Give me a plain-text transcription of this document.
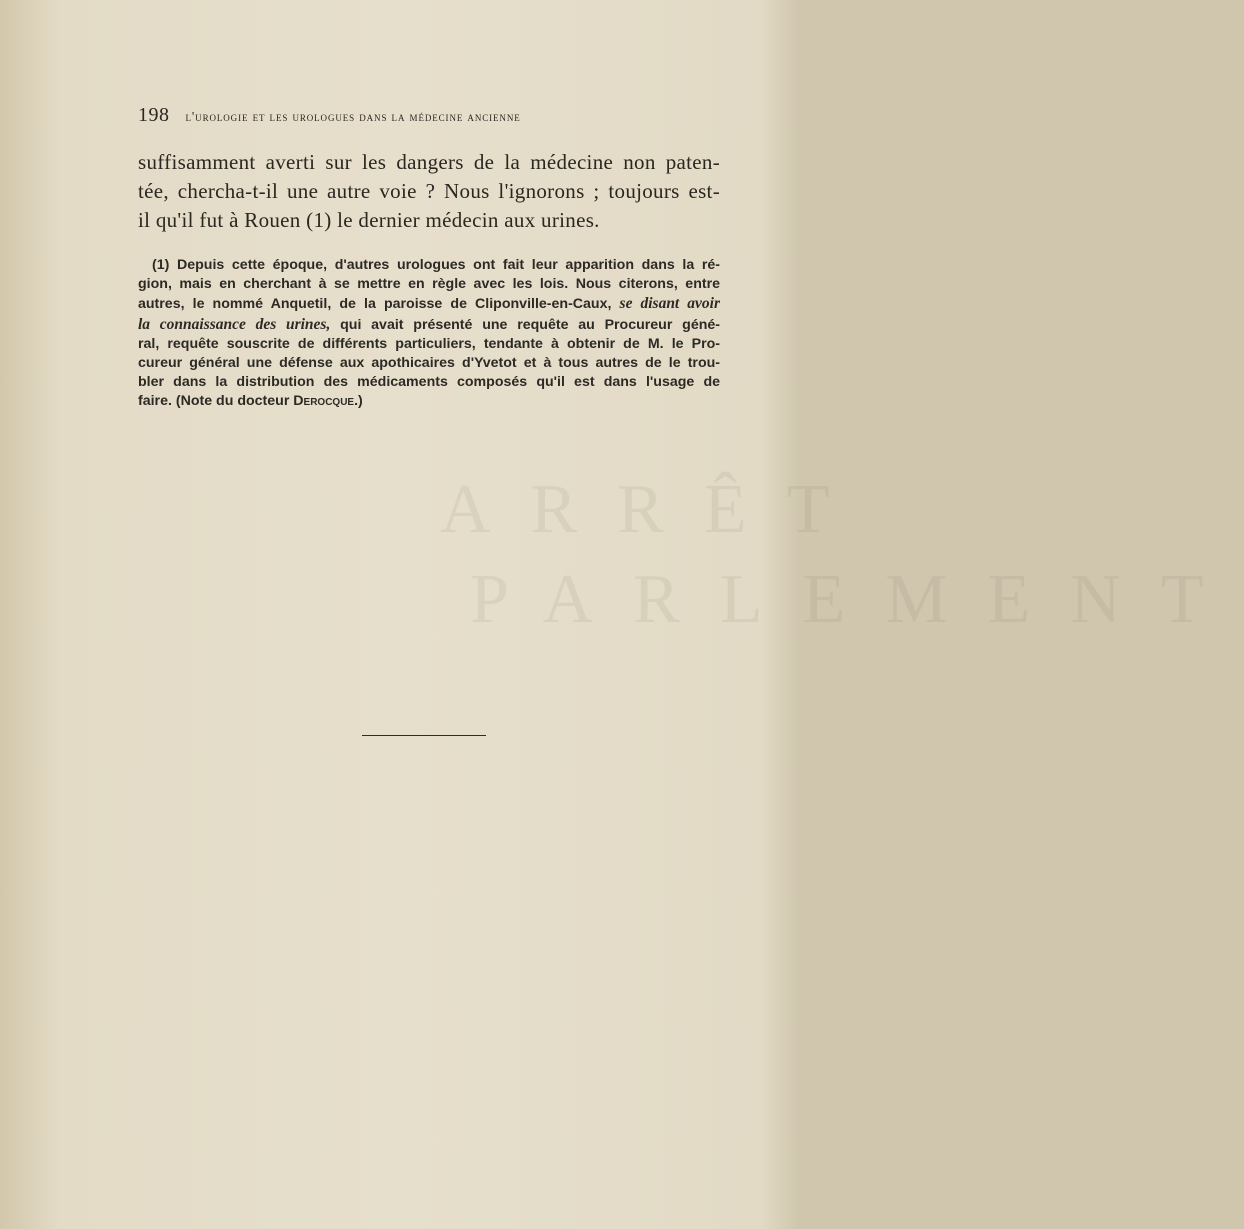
ARRÊT
PARLEMENT
198 l'urologie et les urologues dans la médecine ancienne
suffisamment averti sur les dangers de la médecine non paten-
tée, chercha-t-il une autre voie ? Nous l'ignorons ; toujours est-
il qu'il fut à Rouen (1) le dernier médecin aux urines.
(1) Depuis cette époque, d'autres urologues ont fait leur apparition dans la ré-
gion, mais en cherchant à se mettre en règle avec les lois. Nous citerons, entre
autres, le nommé Anquetil, de la paroisse de Cliponville-en-Caux, se disant avoir
la connaissance des urines, qui avait présenté une requête au Procureur géné-
ral, requête souscrite de différents particuliers, tendante à obtenir de M. le Pro-
cureur général une défense aux apothicaires d'Yvetot et à tous autres de le trou-
bler dans la distribution des médicaments composés qu'il est dans l'usage de
faire. (Note du docteur Derocque.)
